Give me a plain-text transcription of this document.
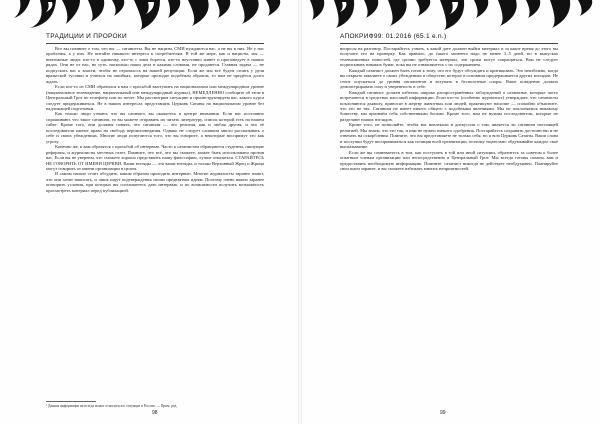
ТРАДИЦИИ И ПРОРОКИ

Все вы помните о том, что вы — сатанисты. Вы не нацизм, СМИ нуждаются вас, а не вы в них. Не у нас проблемы, а у них. Не питайте никакого интереса к потребителям. В той же мере, как и нацисты, мы — ничтожные люди: кто-то в одиночку, кто-то с этим борется, кто-то неустанно живёт и проповедует в наших рядах. Они не от нас, но суть, насколько наши дела и какими словами, не продаются. Главная задача — не подпускать вас к власти, чтобы не отразилось на нашей репутации. Если же мы все будем стоять у руля вражеской тусовки и учиться на ошибках, которые проходят подобным образом, то нам не придётся долго ждать.

Если кто-то из СМИ обратился к вам с просьбой выступить на национальном или международном уровне (национальное телевидение, национальный или международный журнал), НЕМЕДЛЕННО сообщите об этом в Центральный Грот по телефону или по почте. Мы рассмотрим ситуацию и проинструктируем вас, какого курса следует придерживаться. Не в наших интересах представлять Церковь Сатаны на национальном уровне без надлежащей подготовки.

Как только люди узнают, что вы сатанист, вы окажетесь в центре внимания. Если вас постоянно спрашивают, что такое сатанизм, то вы можете отправить их читать литературу, список которой есть на нашем сайте. Кроме того, они должны понять, что сатанизм — это религия, как и любая другая, и что её последователи имеют право на свободу вероисповедания. Однако не следует слишком много рассказывать о себе и своих убеждениях. Многие люди испугаются того, что вы говорите, а некоторые воспримут это как угрозу.

Конечно же, к вам обратятся с просьбой об интервью. Часто к сатанистам обращаются студенты, пишущие рефераты, и журналисты местных газет. Помните, что всё, что вы скажете, может быть использовано против вас. Если вы не уверены, что сможете хорошо представить нашу философию, лучше отказаться. СТАРАЙТЕСЬ НЕ ГОВОРИТЬ ОТ ИМЕНИ ЦЕРКВИ. Ваши взгляды — это ваши взгляды, и только Верховный Жрец и Жрица могут говорить от имени организации в целом.

В самом начале стоит обсудить, каким образом проходить интервью. Многие журналисты заранее знают, что они хотят написать, и лишь ищут подтверждения своим предвзятым идеям. Поэтому очень важно заранее оговорить условия, при которых вы соглашаетесь дать интервью, и по возможности получить возможность просмотреть материал перед публикацией.

¹ Данная информация не всегда может относиться к ситуации в России. — Прим. ред.
98
АПОКРИФ99: 01.2016 (65.1 e.n.)

вопросы на разговор. Постарайтесь узнать, к какой дате должен выйти материал и за какое время до этого вы получите его на проверку. Как правило, до такого момента надо не менее 3–5 дней, но в выпусках телевизионных новостей, где срочно требуется материал, эти сроки могут сокращаться. Вам не следует подписывать никаких бумаг, пока вы не ознакомитесь с их содержанием.

Каждый сатанист должен быть готов к тому, что его будут обсуждать и критиковать. Это неизбежно, когда вы открыто заявляете о своих убеждениях в обществе, которое в основном придерживается других взглядов. Не стоит опускаться до уровня оппонентов и вступать в бесполезные споры. Ваше поведение должно демонстрировать силу и уверенность в себе.

Каждый сатанист должен избегать широко распространённых заблуждений о сатанизме, которые часто встречаются в средствах массовой информации. Если кто-то (особенно журналист) утверждает, что сатанисты поклоняются дьяволу, приносят в жертву животных или людей, практикуют насилие — спокойно объясните, что это не так. Сатанизм не имеет ничего общего с подобными явлениями. Мы не поклоняемся никакому божеству, мы признаём себя собственными богами. Кроме того, нам не нужны последователи, которые не разделяют наших взглядов.

Кроме того, не позволяйте, чтобы вас вовлекали в дискуссии о том, является ли сатанизм настоящей религией. Мы знаем, что это так, и нам не нужно ничьего одобрения. Постарайтесь сохранять достоинство и не отвечать на оскорбления. Помните, что вы представляете не только себя, но и всю Церковь Сатаны. Ваши слова и поступки будут восприниматься как позиция всей организации, поэтому тщательно обдумывайте каждое своё высказывание.

Если же вы сомневаетесь в том, как поступить в той или иной ситуации, обратитесь за советом к более опытным членам организации или непосредственно в Центральный Грот. Мы всегда готовы помочь вам и предоставить необходимую информацию. Помните: сатанист никогда не действует необдуманно. Планируйте свои шаги заранее, и вы сможете избежать многих неприятностей.

99
